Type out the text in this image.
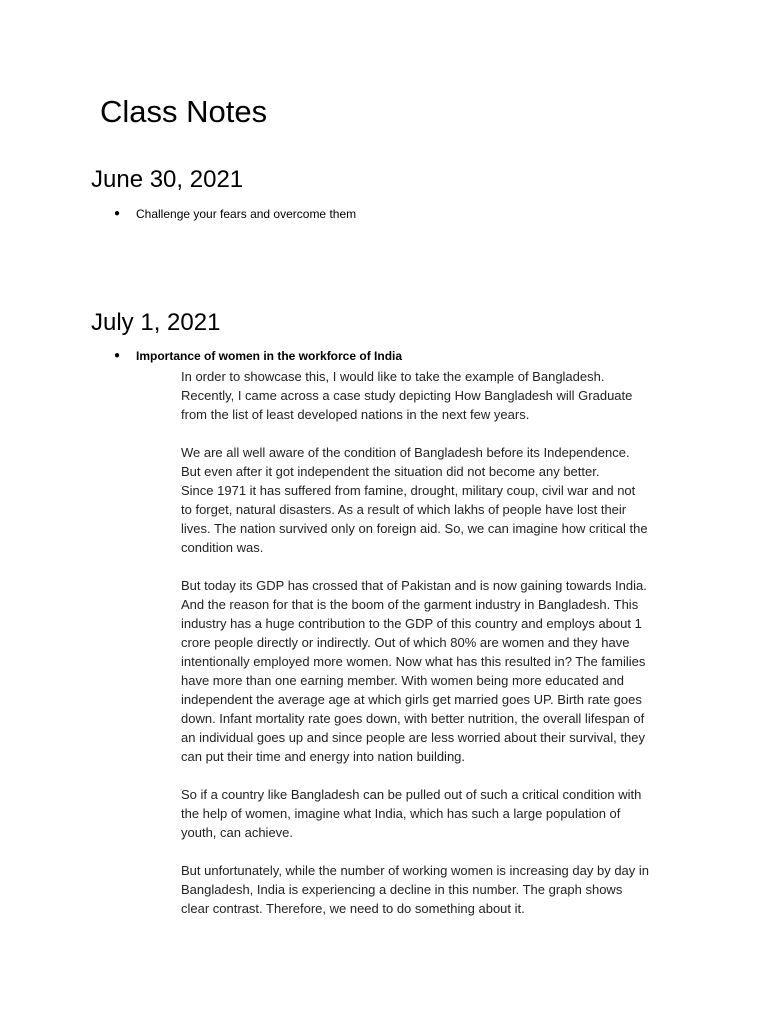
Class Notes
June 30, 2021
● Challenge your fears and overcome them
July 1, 2021
● Importance of women in the workforce of India
In order to showcase this, I would like to take the example of Bangladesh.
Recently, I came across a case study depicting How Bangladesh will Graduate
from the list of least developed nations in the next few years.
We are all well aware of the condition of Bangladesh before its Independence.
But even after it got independent the situation did not become any better.
Since 1971 it has suffered from famine, drought, military coup, civil war and not
to forget, natural disasters. As a result of which lakhs of people have lost their
lives. The nation survived only on foreign aid. So, we can imagine how critical the
condition was.
But today its GDP has crossed that of Pakistan and is now gaining towards India.
And the reason for that is the boom of the garment industry in Bangladesh. This
industry has a huge contribution to the GDP of this country and employs about 1
crore people directly or indirectly. Out of which 80% are women and they have
intentionally employed more women. Now what has this resulted in? The families
have more than one earning member. With women being more educated and
independent the average age at which girls get married goes UP. Birth rate goes
down. Infant mortality rate goes down, with better nutrition, the overall lifespan of
an individual goes up and since people are less worried about their survival, they
can put their time and energy into nation building.
So if a country like Bangladesh can be pulled out of such a critical condition with
the help of women, imagine what India, which has such a large population of
youth, can achieve.
But unfortunately, while the number of working women is increasing day by day in
Bangladesh, India is experiencing a decline in this number. The graph shows
clear contrast. Therefore, we need to do something about it.
